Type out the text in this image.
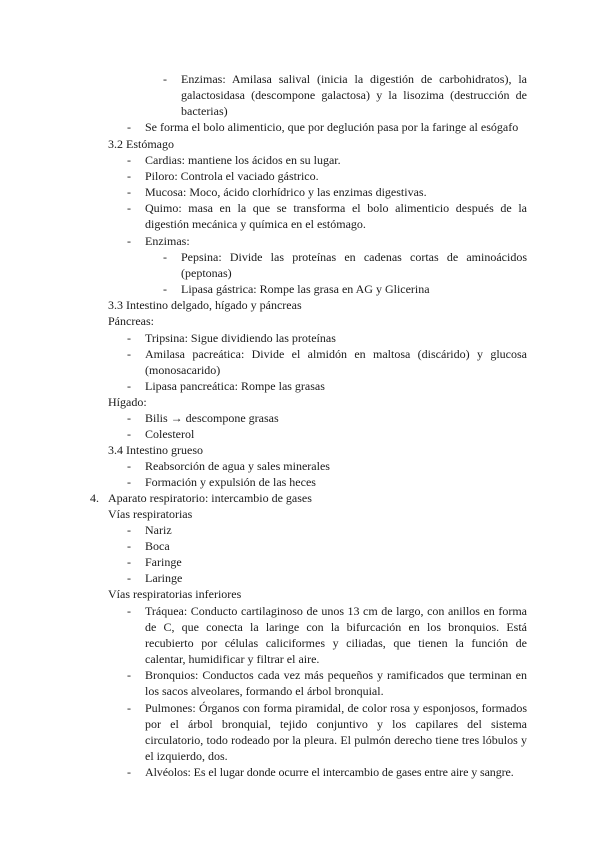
- Enzimas: Amilasa salival (inicia la digestión de carbohidratos), la
galactosidasa (descompone galactosa) y la lisozima (destrucción de
bacterias)
- Se forma el bolo alimenticio, que por deglución pasa por la faringe al esógafo
3.2 Estómago
- Cardias: mantiene los ácidos en su lugar.
- Piloro: Controla el vaciado gástrico.
- Mucosa: Moco, ácido clorhídrico y las enzimas digestivas.
- Quimo: masa en la que se transforma el bolo alimenticio después de la
digestión mecánica y química en el estómago.
- Enzimas:
- Pepsina: Divide las proteínas en cadenas cortas de aminoácidos
(peptonas)
- Lipasa gástrica: Rompe las grasa en AG y Glicerina
3.3 Intestino delgado, hígado y páncreas
Páncreas:
- Tripsina: Sigue dividiendo las proteínas
- Amilasa pacreática: Divide el almidón en maltosa (discárido) y glucosa
(monosacarido)
- Lipasa pancreática: Rompe las grasas
Hígado:
- Bilis → descompone grasas
- Colesterol
3.4 Intestino grueso
- Reabsorción de agua y sales minerales
- Formación y expulsión de las heces
4. Aparato respiratorio: intercambio de gases
Vías respiratorias
- Nariz
- Boca
- Faringe
- Laringe
Vías respiratorias inferiores
- Tráquea: Conducto cartilaginoso de unos 13 cm de largo, con anillos en forma
de C, que conecta la laringe con la bifurcación en los bronquios. Está
recubierto por células caliciformes y ciliadas, que tienen la función de
calentar, humidificar y filtrar el aire.
- Bronquios: Conductos cada vez más pequeños y ramificados que terminan en
los sacos alveolares, formando el árbol bronquial.
- Pulmones: Órganos con forma piramidal, de color rosa y esponjosos, formados
por el árbol bronquial, tejido conjuntivo y los capilares del sistema
circulatorio, todo rodeado por la pleura. El pulmón derecho tiene tres lóbulos y
el izquierdo, dos.
- Alvéolos: Es el lugar donde ocurre el intercambio de gases entre aire y sangre.
